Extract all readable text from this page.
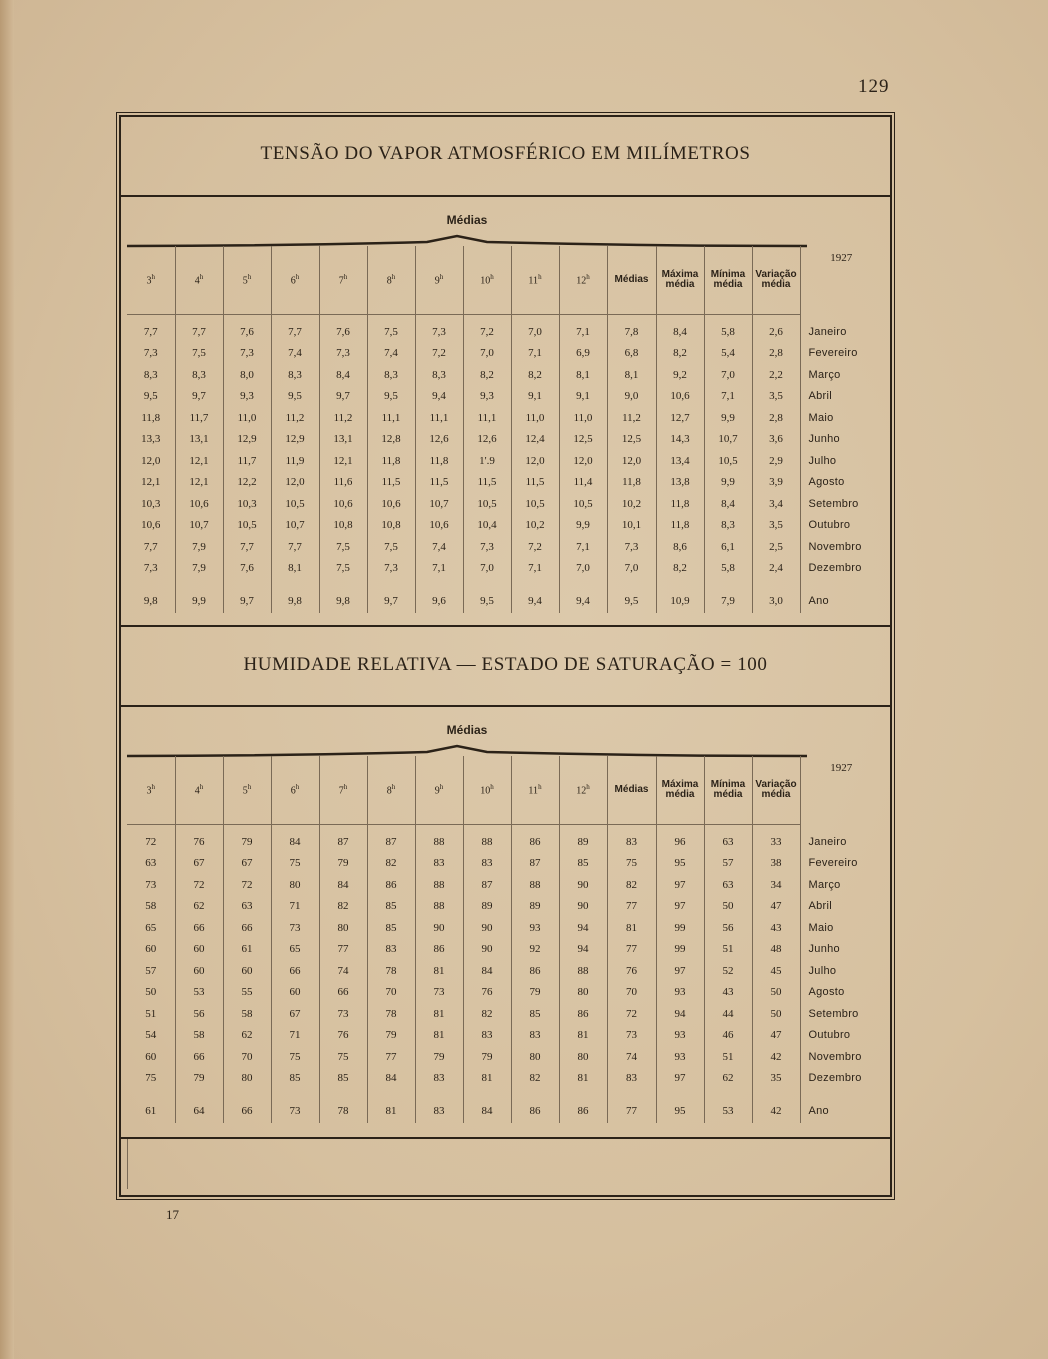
129
TENSÃO DO VAPOR ATMOSFÉRICO EM MILÍMETROS
Médias
3$^h$	4$^h$	5$^h$	6$^h$	7$^h$	8$^h$	9$^h$	10$^h$	11$^h$	12$^h$	Médias	Máxima média	Mínima média	Variação média	1927

7,7	7,7	7,6	7,7	7,6	7,5	7,3	7,2	7,0	7,1	7,8	8,4	5,8	2,6	Janeiro
7,3	7,5	7,3	7,4	7,3	7,4	7,2	7,0	7,1	6,9	6,8	8,2	5,4	2,8	Fevereiro
8,3	8,3	8,0	8,3	8,4	8,3	8,3	8,2	8,2	8,1	8,1	9,2	7,0	2,2	Março
9,5	9,7	9,3	9,5	9,7	9,5	9,4	9,3	9,1	9,1	9,0	10,6	7,1	3,5	Abril
11,8	11,7	11,0	11,2	11,2	11,1	11,1	11,1	11,0	11,0	11,2	12,7	9,9	2,8	Maio
13,3	13,1	12,9	12,9	13,1	12,8	12,6	12,6	12,4	12,5	12,5	14,3	10,7	3,6	Junho
12,0	12,1	11,7	11,9	12,1	11,8	11,8	1'.9	12,0	12,0	12,0	13,4	10,5	2,9	Julho
12,1	12,1	12,2	12,0	11,6	11,5	11,5	11,5	11,5	11,4	11,8	13,8	9,9	3,9	Agosto
10,3	10,6	10,3	10,5	10,6	10,6	10,7	10,5	10,5	10,5	10,2	11,8	8,4	3,4	Setembro
10,6	10,7	10,5	10,7	10,8	10,8	10,6	10,4	10,2	9,9	10,1	11,8	8,3	3,5	Outubro
7,7	7,9	7,7	7,7	7,5	7,5	7,4	7,3	7,2	7,1	7,3	8,6	6,1	2,5	Novembro
7,3	7,9	7,6	8,1	7,5	7,3	7,1	7,0	7,1	7,0	7,0	8,2	5,8	2,4	Dezembro

9,8	9,9	9,7	9,8	9,8	9,7	9,6	9,5	9,4	9,4	9,5	10,9	7,9	3,0	Ano
HUMIDADE RELATIVA — ESTADO DE SATURAÇÃO = 100
Médias
3$^h$	4$^h$	5$^h$	6$^h$	7$^h$	8$^h$	9$^h$	10$^h$	11$^h$	12$^h$	Médias	Máxima média	Mínima média	Variação média	1927

72	76	79	84	87	87	88	88	86	89	83	96	63	33	Janeiro
63	67	67	75	79	82	83	83	87	85	75	95	57	38	Fevereiro
73	72	72	80	84	86	88	87	88	90	82	97	63	34	Março
58	62	63	71	82	85	88	89	89	90	77	97	50	47	Abril
65	66	66	73	80	85	90	90	93	94	81	99	56	43	Maio
60	60	61	65	77	83	86	90	92	94	77	99	51	48	Junho
57	60	60	66	74	78	81	84	86	88	76	97	52	45	Julho
50	53	55	60	66	70	73	76	79	80	70	93	43	50	Agosto
51	56	58	67	73	78	81	82	85	86	72	94	44	50	Setembro
54	58	62	71	76	79	81	83	83	81	73	93	46	47	Outubro
60	66	70	75	75	77	79	79	80	80	74	93	51	42	Novembro
75	79	80	85	85	84	83	81	82	81	83	97	62	35	Dezembro

61	64	66	73	78	81	83	84	86	86	77	95	53	42	Ano
17
